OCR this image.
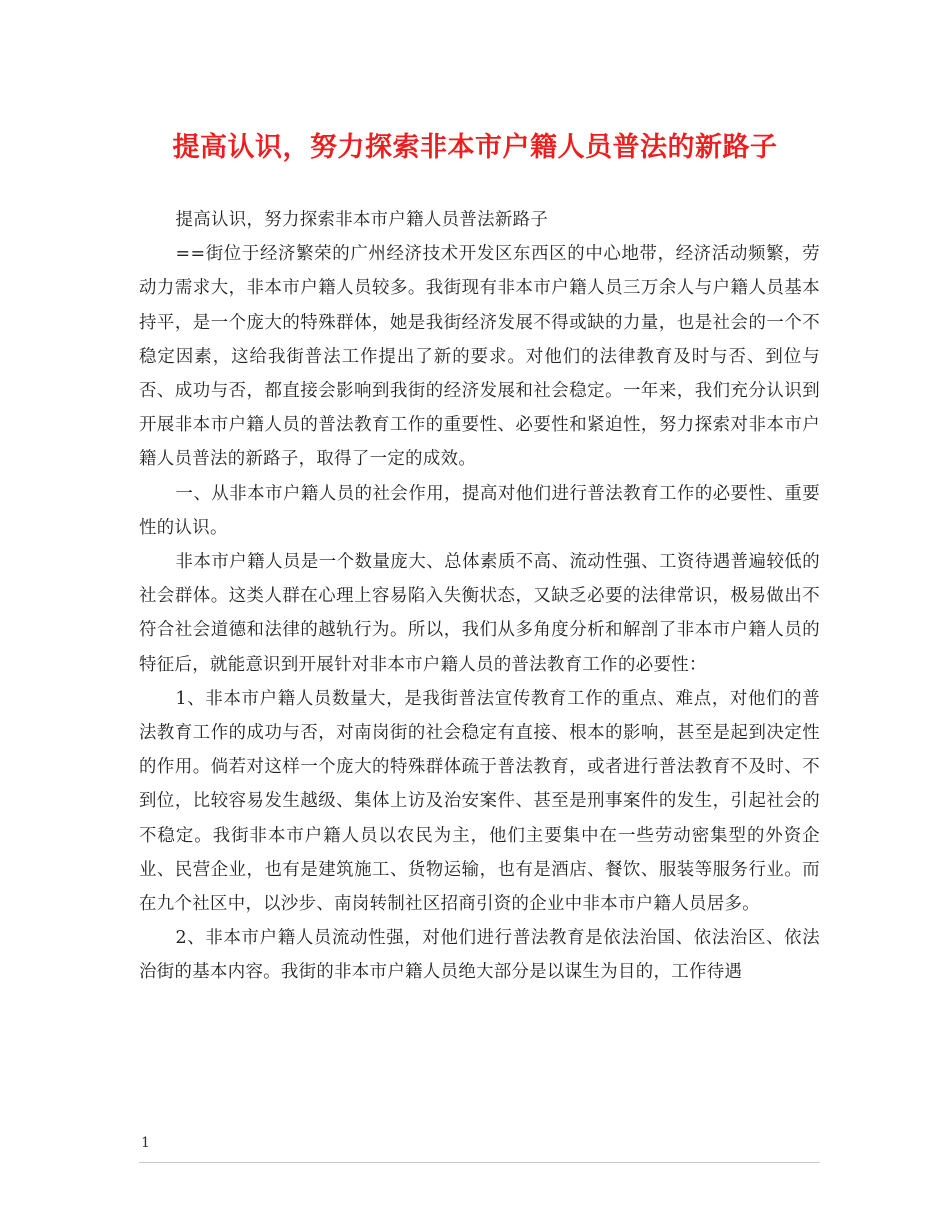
提高认识，努力探索非本市户籍人员普法的新路子

提高认识，努力探索非本市户籍人员普法新路子

==街位于经济繁荣的广州经济技术开发区东西区的中心地带，经济活动频繁，劳动力需求大，非本市户籍人员较多。我街现有非本市户籍人员三万余人与户籍人员基本持平，是一个庞大的特殊群体，她是我街经济发展不得或缺的力量，也是社会的一个不稳定因素，这给我街普法工作提出了新的要求。对他们的法律教育及时与否、到位与否、成功与否，都直接会影响到我街的经济发展和社会稳定。一年来，我们充分认识到开展非本市户籍人员的普法教育工作的重要性、必要性和紧迫性，努力探索对非本市户籍人员普法的新路子，取得了一定的成效。

一、从非本市户籍人员的社会作用，提高对他们进行普法教育工作的必要性、重要性的认识。

非本市户籍人员是一个数量庞大、总体素质不高、流动性强、工资待遇普遍较低的社会群体。这类人群在心理上容易陷入失衡状态，又缺乏必要的法律常识，极易做出不符合社会道德和法律的越轨行为。所以，我们从多角度分析和解剖了非本市户籍人员的特征后，就能意识到开展针对非本市户籍人员的普法教育工作的必要性：

1、非本市户籍人员数量大，是我街普法宣传教育工作的重点、难点，对他们的普法教育工作的成功与否，对南岗街的社会稳定有直接、根本的影响，甚至是起到决定性的作用。倘若对这样一个庞大的特殊群体疏于普法教育，或者进行普法教育不及时、不到位，比较容易发生越级、集体上访及治安案件、甚至是刑事案件的发生，引起社会的不稳定。我街非本市户籍人员以农民为主，他们主要集中在一些劳动密集型的外资企业、民营企业，也有是建筑施工、货物运输，也有是酒店、餐饮、服装等服务行业。而在九个社区中，以沙步、南岗转制社区招商引资的企业中非本市户籍人员居多。

2、非本市户籍人员流动性强，对他们进行普法教育是依法治国、依法治区、依法治街的基本内容。我街的非本市户籍人员绝大部分是以谋生为目的，工作待遇

1
